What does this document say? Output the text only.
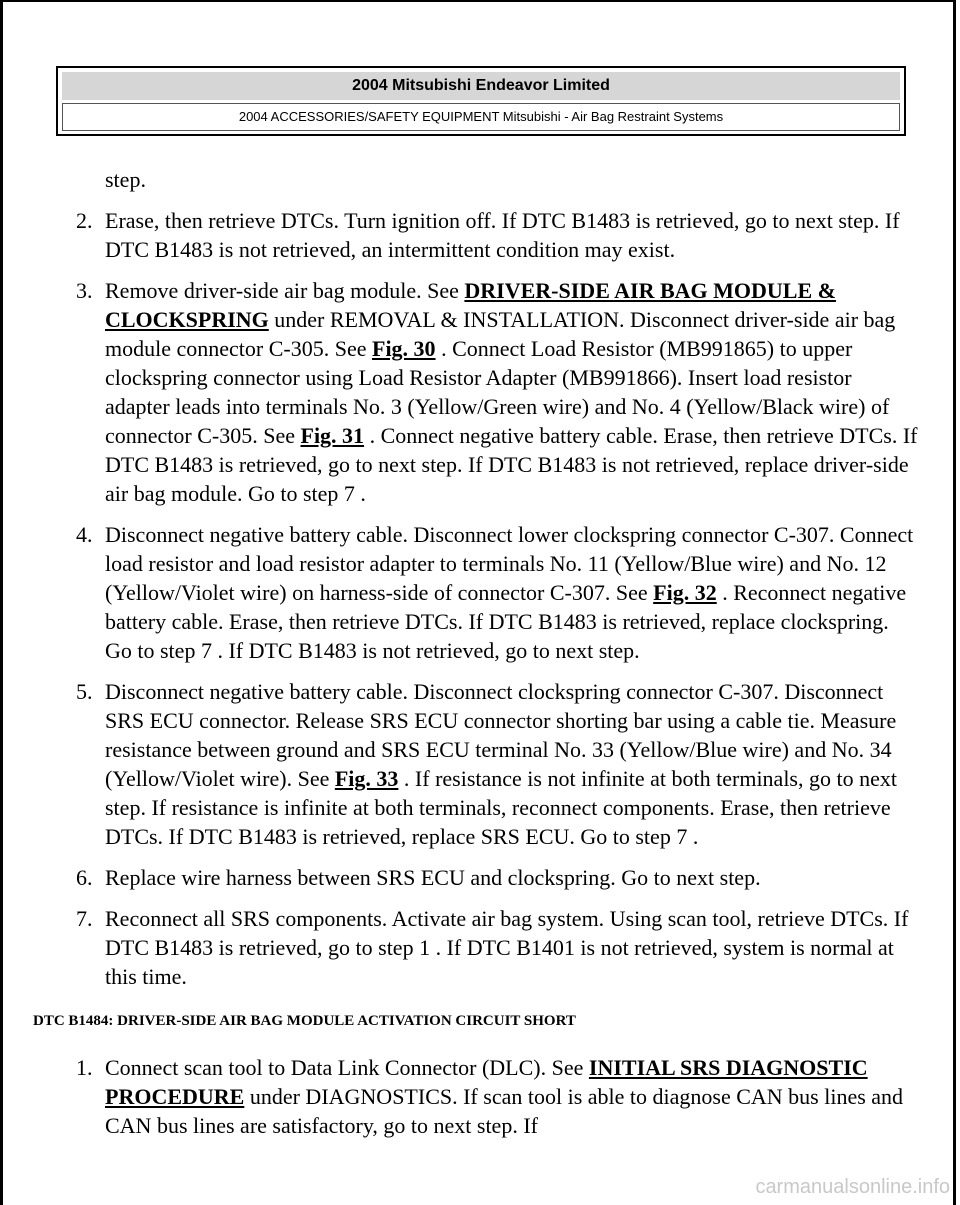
2004 Mitsubishi Endeavor Limited
2004 ACCESSORIES/SAFETY EQUIPMENT Mitsubishi - Air Bag Restraint Systems
step.
2. Erase, then retrieve DTCs. Turn ignition off. If DTC B1483 is retrieved, go to next step. If DTC B1483 is not retrieved, an intermittent condition may exist.
3. Remove driver-side air bag module. See DRIVER-SIDE AIR BAG MODULE & CLOCKSPRING under REMOVAL & INSTALLATION. Disconnect driver-side air bag module connector C-305. See Fig. 30 . Connect Load Resistor (MB991865) to upper clockspring connector using Load Resistor Adapter (MB991866). Insert load resistor adapter leads into terminals No. 3 (Yellow/Green wire) and No. 4 (Yellow/Black wire) of connector C-305. See Fig. 31 . Connect negative battery cable. Erase, then retrieve DTCs. If DTC B1483 is retrieved, go to next step. If DTC B1483 is not retrieved, replace driver-side air bag module. Go to step 7 .
4. Disconnect negative battery cable. Disconnect lower clockspring connector C-307. Connect load resistor and load resistor adapter to terminals No. 11 (Yellow/Blue wire) and No. 12 (Yellow/Violet wire) on harness-side of connector C-307. See Fig. 32 . Reconnect negative battery cable. Erase, then retrieve DTCs. If DTC B1483 is retrieved, replace clockspring. Go to step 7 . If DTC B1483 is not retrieved, go to next step.
5. Disconnect negative battery cable. Disconnect clockspring connector C-307. Disconnect SRS ECU connector. Release SRS ECU connector shorting bar using a cable tie. Measure resistance between ground and SRS ECU terminal No. 33 (Yellow/Blue wire) and No. 34 (Yellow/Violet wire). See Fig. 33 . If resistance is not infinite at both terminals, go to next step. If resistance is infinite at both terminals, reconnect components. Erase, then retrieve DTCs. If DTC B1483 is retrieved, replace SRS ECU. Go to step 7 .
6. Replace wire harness between SRS ECU and clockspring. Go to next step.
7. Reconnect all SRS components. Activate air bag system. Using scan tool, retrieve DTCs. If DTC B1483 is retrieved, go to step 1 . If DTC B1401 is not retrieved, system is normal at this time.
DTC B1484: DRIVER-SIDE AIR BAG MODULE ACTIVATION CIRCUIT SHORT
1. Connect scan tool to Data Link Connector (DLC). See INITIAL SRS DIAGNOSTIC PROCEDURE under DIAGNOSTICS. If scan tool is able to diagnose CAN bus lines and CAN bus lines are satisfactory, go to next step. If
carmanualsonline.info
